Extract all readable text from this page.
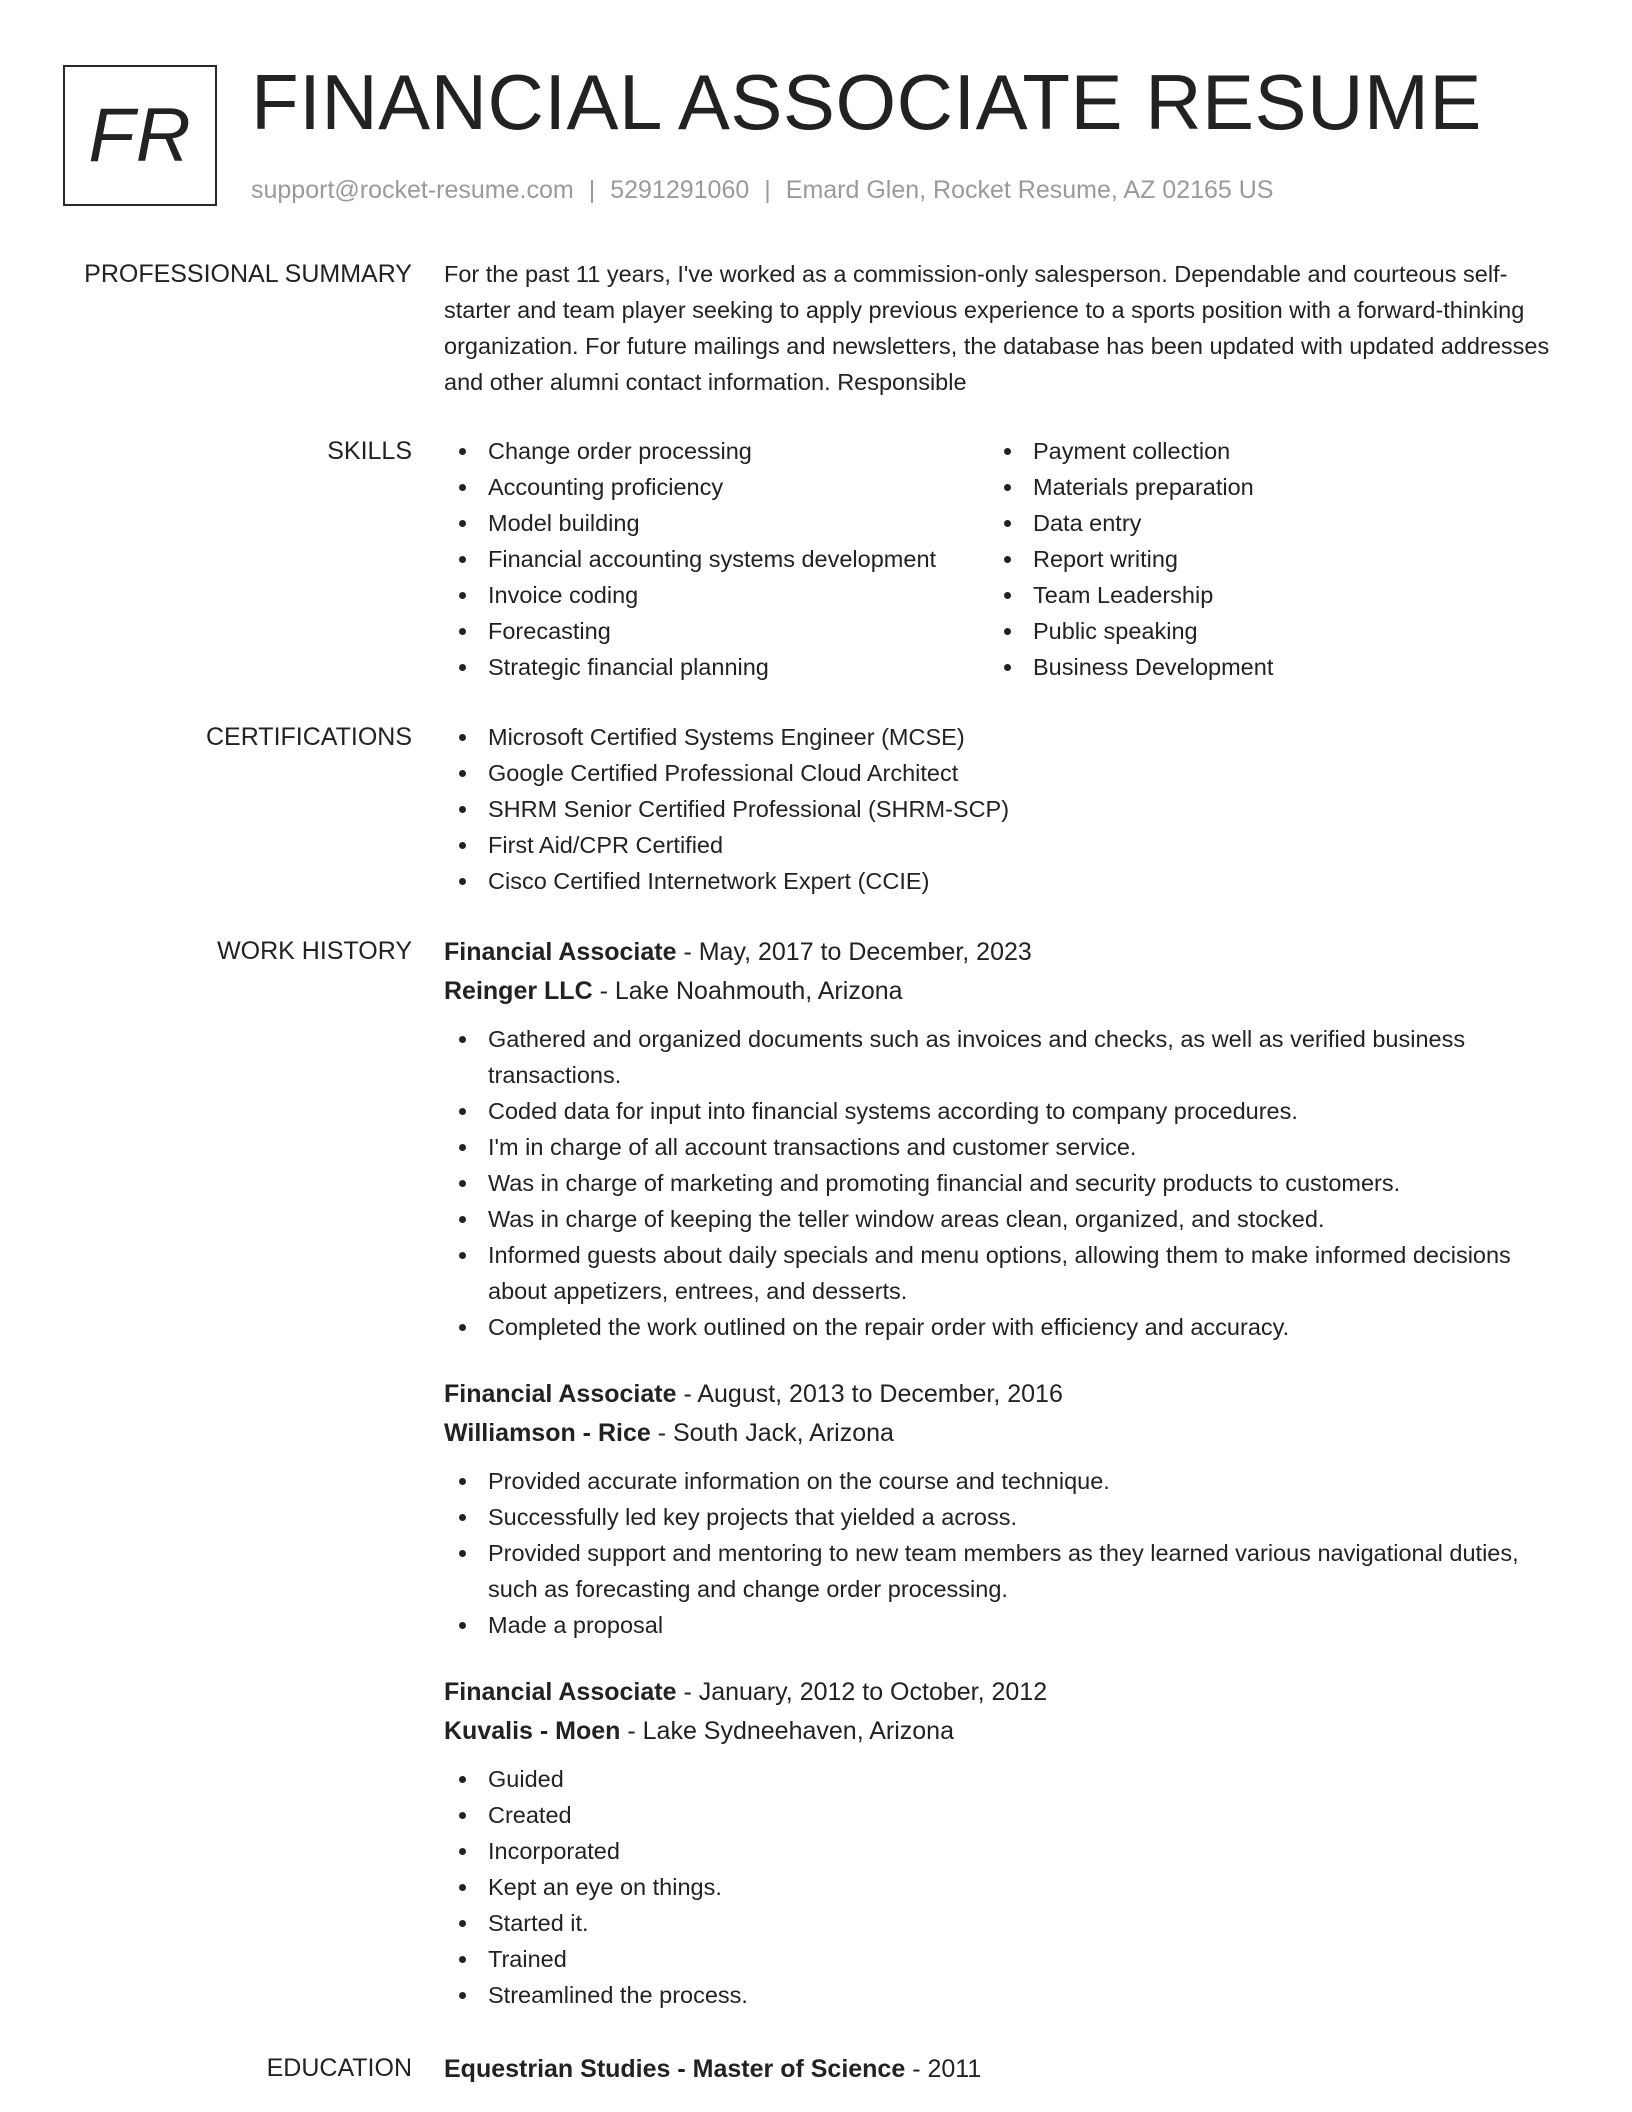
FR FINANCIAL ASSOCIATE RESUME
support@rocket-resume.com | 5291291060 | Emard Glen, Rocket Resume, AZ 02165 US
PROFESSIONAL SUMMARY For the past 11 years, I've worked as a commission-only salesperson. Dependable and courteous self-starter and team player seeking to apply previous experience to a sports position with a forward-thinking organization. For future mailings and newsletters, the database has been updated with updated addresses and other alumni contact information. Responsible

SKILLS	Change order processing
Accounting proficiency
Model building
Financial accounting systems development
Invoice coding
Forecasting
Strategic financial planning
Payment collection
Materials preparation
Data entry
Report writing
Team Leadership
Public speaking
Business Development
CERTIFICATIONS	Microsoft Certified Systems Engineer (MCSE)
Google Certified Professional Cloud Architect
SHRM Senior Certified Professional (SHRM-SCP)
First Aid/CPR Certified
Cisco Certified Internetwork Expert (CCIE)
WORK HISTORY Financial Associate - May, 2017 to December, 2023
Reinger LLC - Lake Noahmouth, Arizona
Gathered and organized documents such as invoices and checks, as well as verified business transactions.
Coded data for input into financial systems according to company procedures.
I'm in charge of all account transactions and customer service.
Was in charge of marketing and promoting financial and security products to customers.
Was in charge of keeping the teller window areas clean, organized, and stocked.
Informed guests about daily specials and menu options, allowing them to make informed decisions about appetizers, entrees, and desserts.
Completed the work outlined on the repair order with efficiency and accuracy.
Financial Associate - August, 2013 to December, 2016
Williamson - Rice - South Jack, Arizona
Provided accurate information on the course and technique.
Successfully led key projects that yielded a across.
Provided support and mentoring to new team members as they learned various navigational duties, such as forecasting and change order processing.
Made a proposal
Financial Associate - January, 2012 to October, 2012
Kuvalis - Moen - Lake Sydneehaven, Arizona
Guided
Created
Incorporated
Kept an eye on things.
Started it.
Trained
Streamlined the process.
EDUCATION Equestrian Studies - Master of Science - 2011
